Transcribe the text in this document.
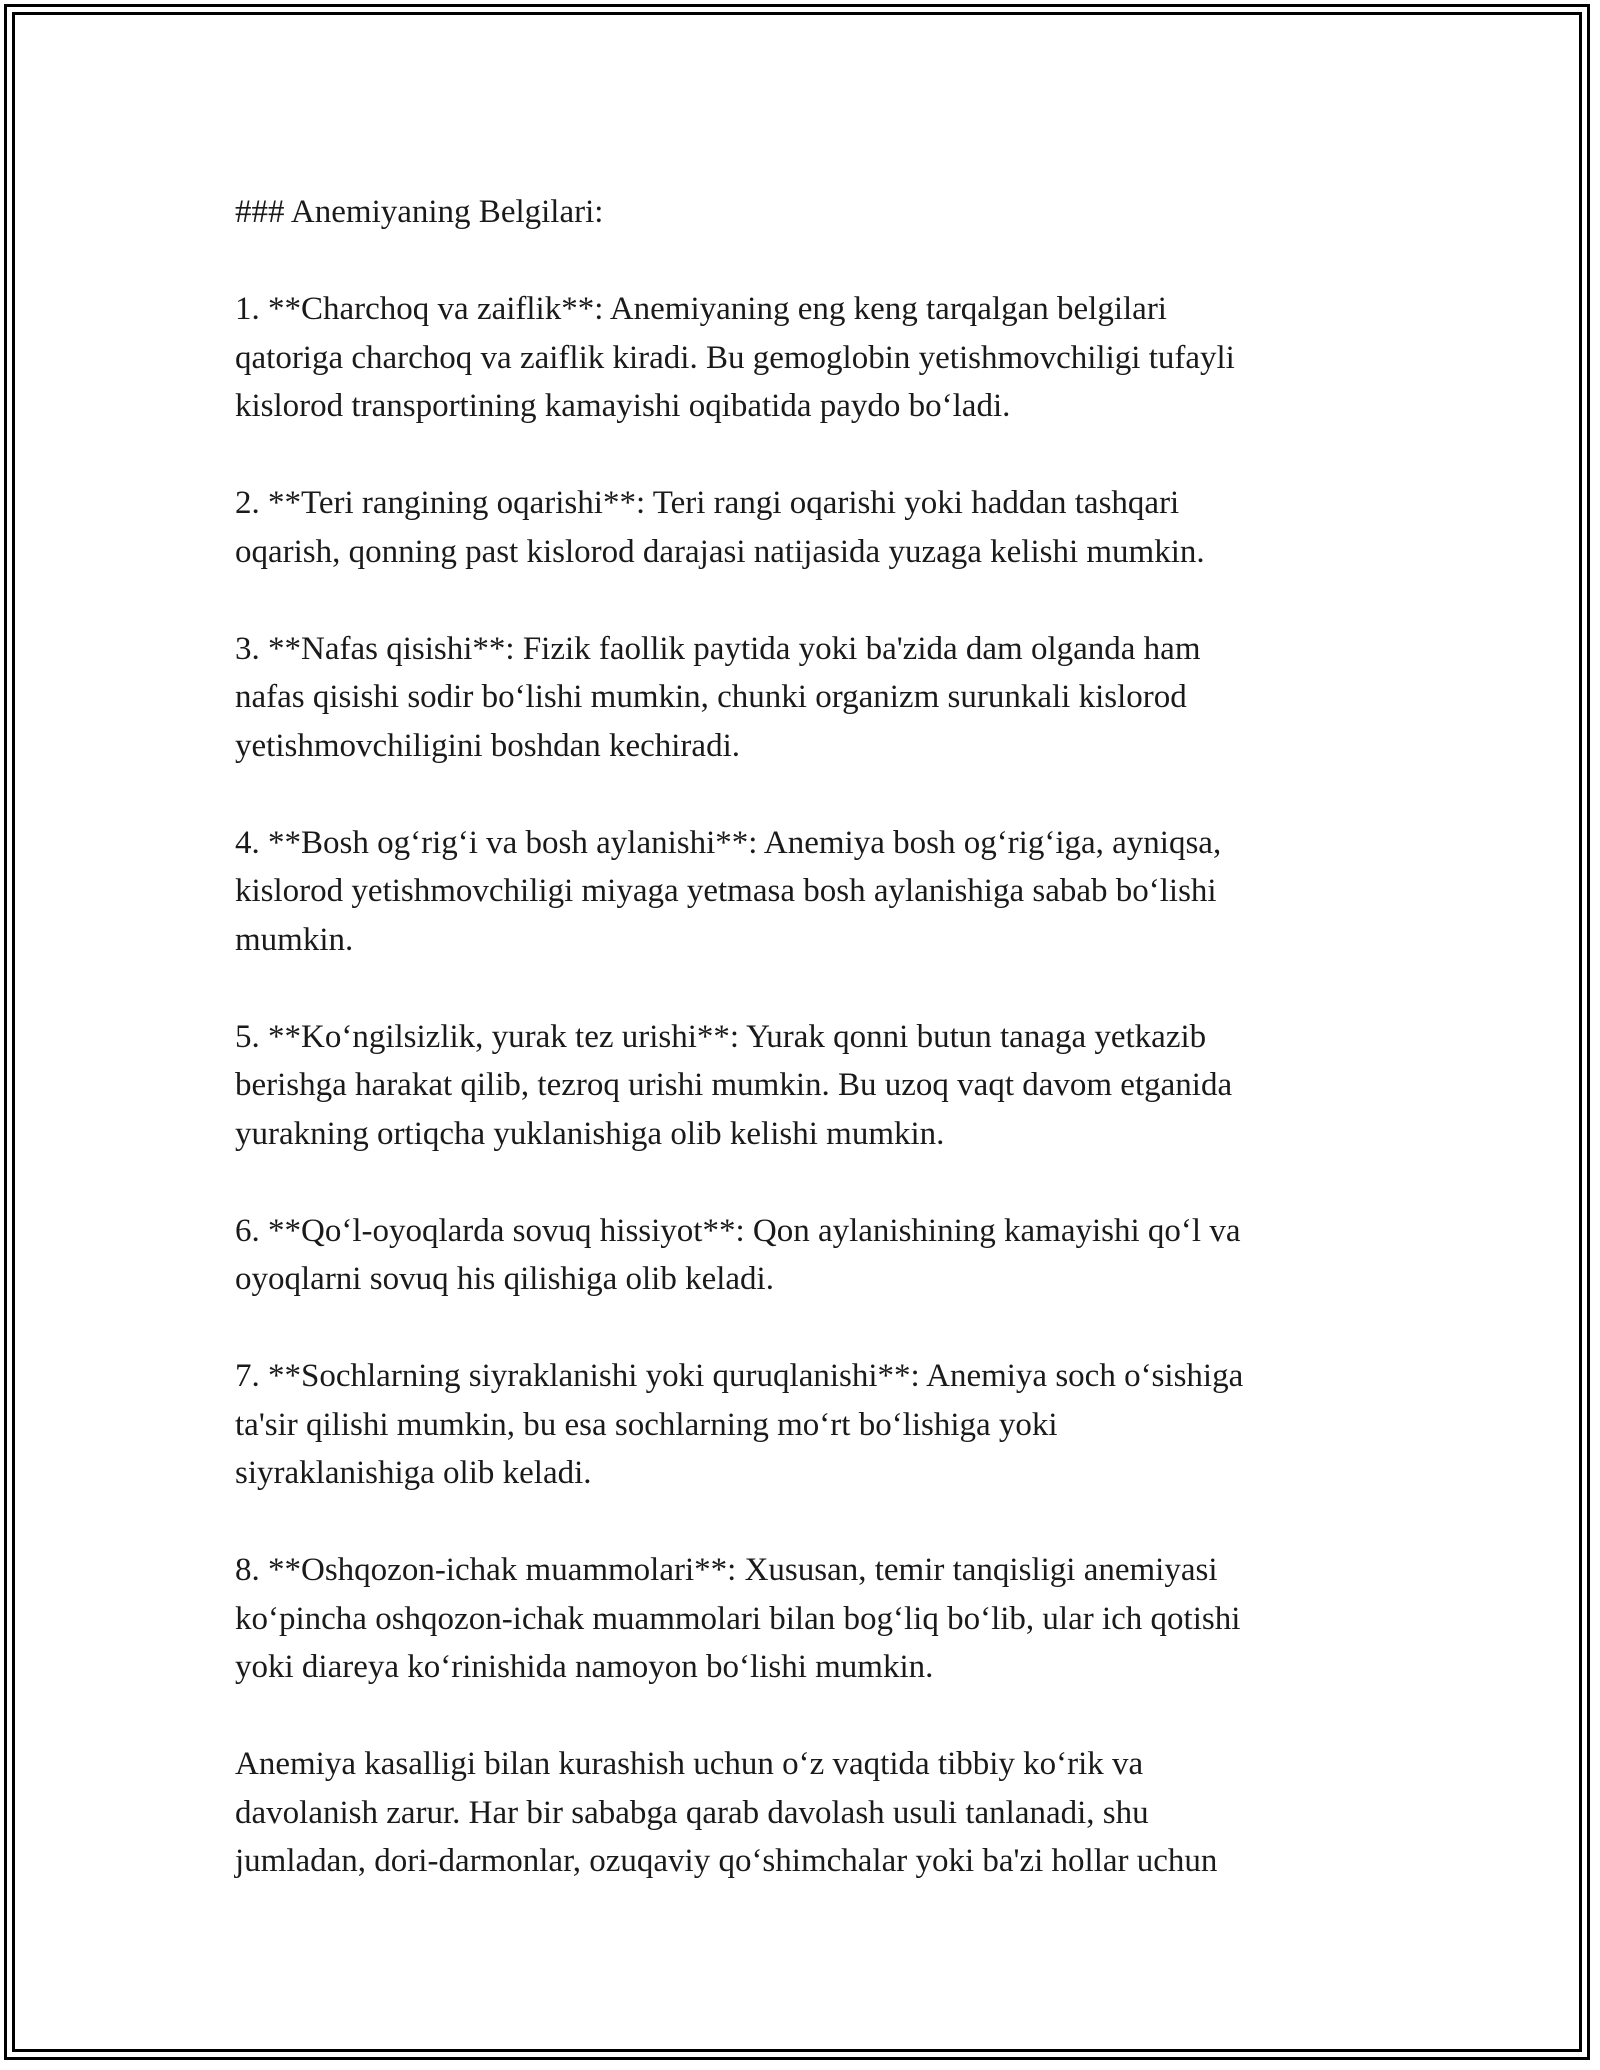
### Anemiyaning Belgilari:

1. **Charchoq va zaiflik**: Anemiyaning eng keng tarqalgan belgilari
qatoriga charchoq va zaiflik kiradi. Bu gemoglobin yetishmovchiligi tufayli
kislorod transportining kamayishi oqibatida paydo bo‘ladi.

2. **Teri rangining oqarishi**: Teri rangi oqarishi yoki haddan tashqari
oqarish, qonning past kislorod darajasi natijasida yuzaga kelishi mumkin.

3. **Nafas qisishi**: Fizik faollik paytida yoki ba'zida dam olganda ham
nafas qisishi sodir bo‘lishi mumkin, chunki organizm surunkali kislorod
yetishmovchiligini boshdan kechiradi.

4. **Bosh og‘rig‘i va bosh aylanishi**: Anemiya bosh og‘rig‘iga, ayniqsa,
kislorod yetishmovchiligi miyaga yetmasa bosh aylanishiga sabab bo‘lishi
mumkin.

5. **Ko‘ngilsizlik, yurak tez urishi**: Yurak qonni butun tanaga yetkazib
berishga harakat qilib, tezroq urishi mumkin. Bu uzoq vaqt davom etganida
yurakning ortiqcha yuklanishiga olib kelishi mumkin.

6. **Qo‘l-oyoqlarda sovuq hissiyot**: Qon aylanishining kamayishi qo‘l va
oyoqlarni sovuq his qilishiga olib keladi.

7. **Sochlarning siyraklanishi yoki quruqlanishi**: Anemiya soch o‘sishiga
ta'sir qilishi mumkin, bu esa sochlarning mo‘rt bo‘lishiga yoki
siyraklanishiga olib keladi.

8. **Oshqozon-ichak muammolari**: Xususan, temir tanqisligi anemiyasi
ko‘pincha oshqozon-ichak muammolari bilan bog‘liq bo‘lib, ular ich qotishi
yoki diareya ko‘rinishida namoyon bo‘lishi mumkin.

Anemiya kasalligi bilan kurashish uchun o‘z vaqtida tibbiy ko‘rik va
davolanish zarur. Har bir sababga qarab davolash usuli tanlanadi, shu
jumladan, dori-darmonlar, ozuqaviy qo‘shimchalar yoki ba'zi hollar uchun
